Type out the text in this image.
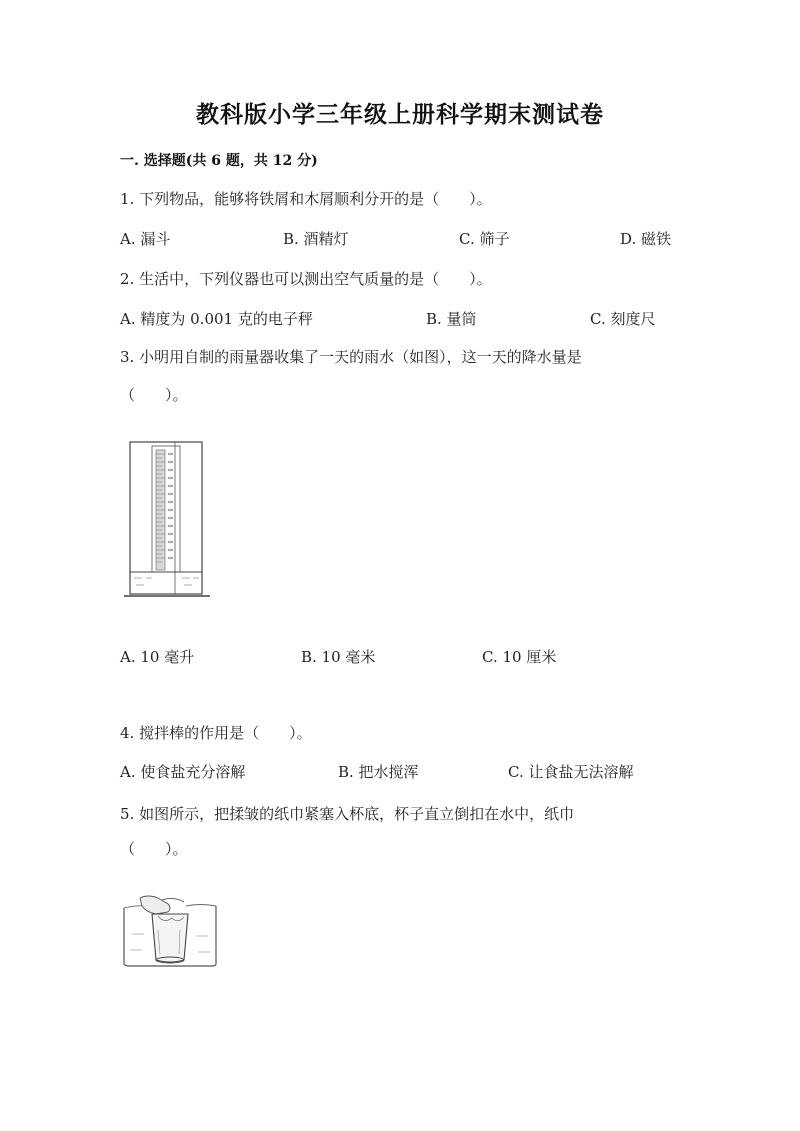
教科版小学三年级上册科学期末测试卷
一. 选择题(共 6 题，共 12 分)
1. 下列物品，能够将铁屑和木屑顺利分开的是（　　）。
A. 漏斗	B. 酒精灯	C. 筛子	D. 磁铁
2. 生活中，下列仪器也可以测出空气质量的是（　　）。
A. 精度为 0.001 克的电子秤	B. 量筒	C. 刻度尺
3. 小明用自制的雨量器收集了一天的雨水（如图），这一天的降水量是
（　　）。
A. 10 毫升	B. 10 毫米	C. 10 厘米
4. 搅拌棒的作用是（　　）。
A. 使食盐充分溶解	B. 把水搅浑	C. 让食盐无法溶解
5. 如图所示，把揉皱的纸巾紧塞入杯底，杯子直立倒扣在水中，纸巾
（　　）。
